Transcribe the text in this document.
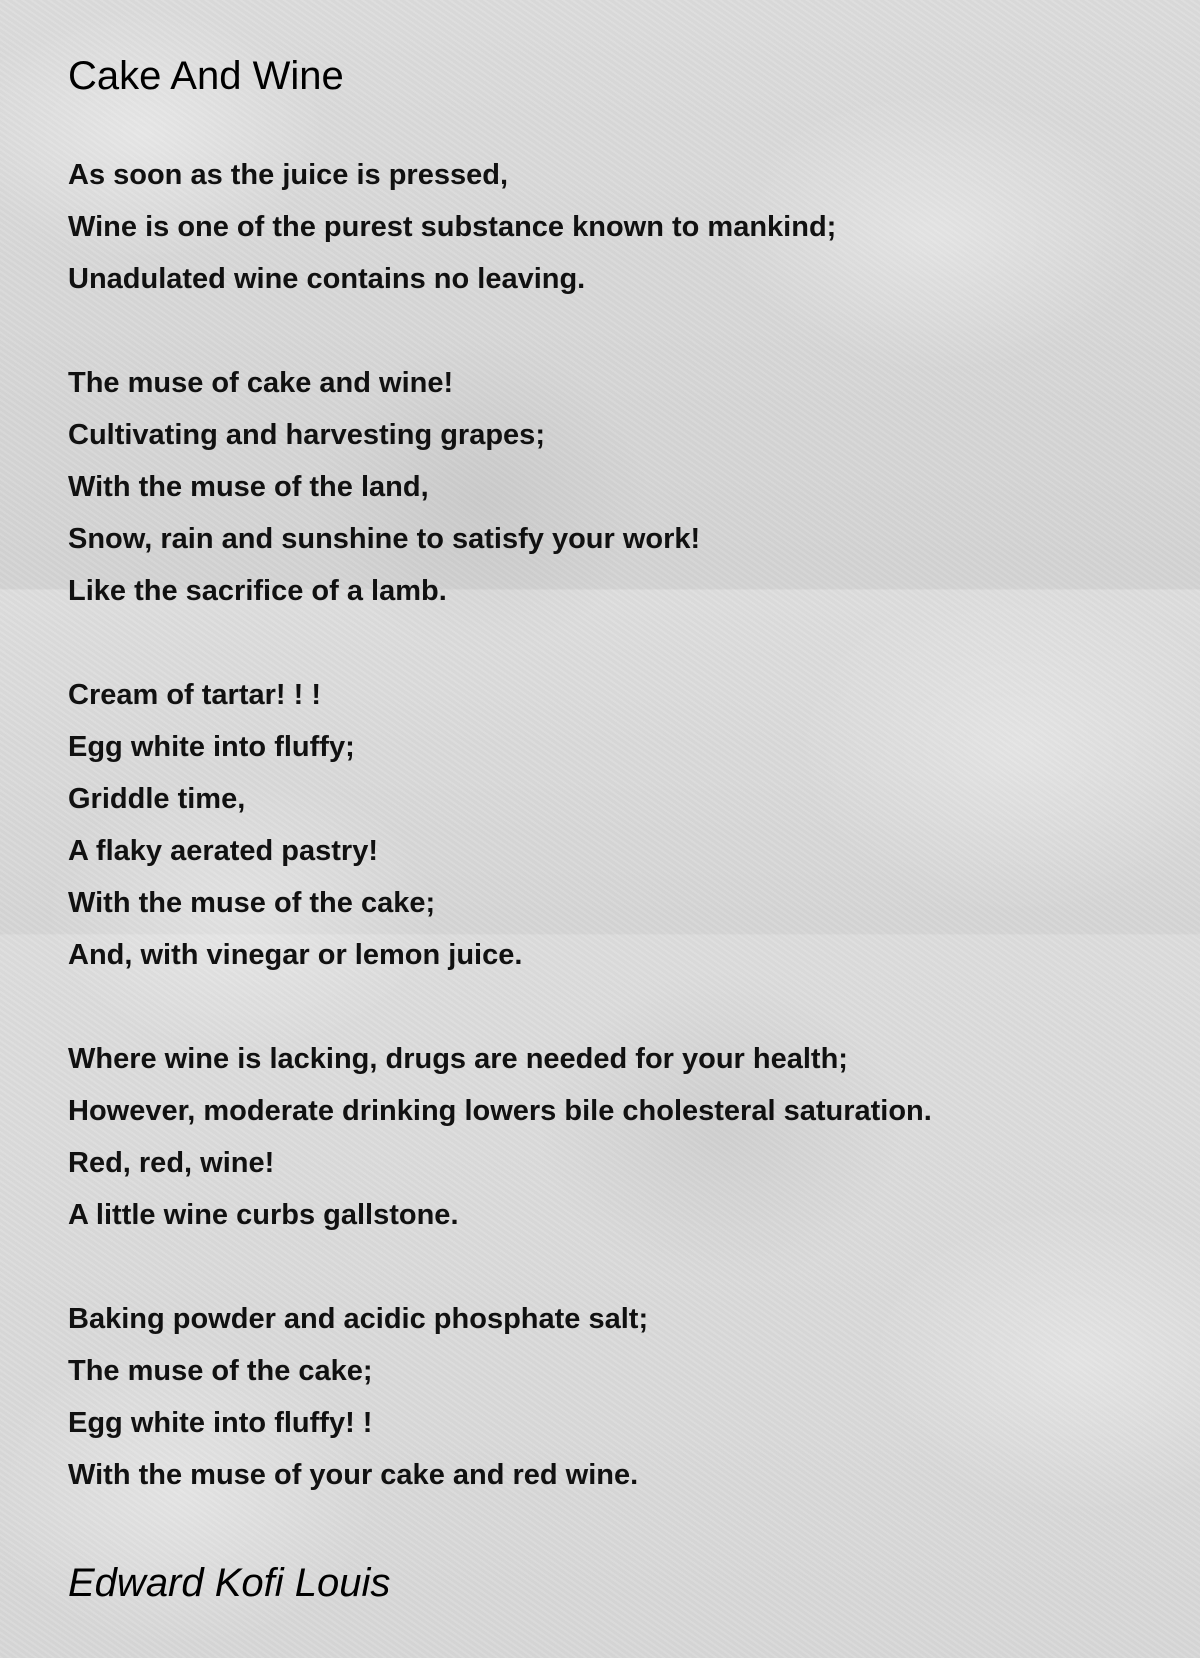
Cake And Wine
As soon as the juice is pressed,
Wine is one of the purest substance known to mankind;
Unadulated wine contains no leaving.
The muse of cake and wine!
Cultivating and harvesting grapes;
With the muse of the land,
Snow, rain and sunshine to satisfy your work!
Like the sacrifice of a lamb.
Cream of tartar! ! !
Egg white into fluffy;
Griddle time,
A flaky aerated pastry!
With the muse of the cake;
And, with vinegar or lemon juice.
Where wine is lacking, drugs are needed for your health;
However, moderate drinking lowers bile cholesteral saturation.
Red, red, wine!
A little wine curbs gallstone.
Baking powder and acidic phosphate salt;
The muse of the cake;
Egg white into fluffy! !
With the muse of your cake and red wine.

Edward Kofi Louis
